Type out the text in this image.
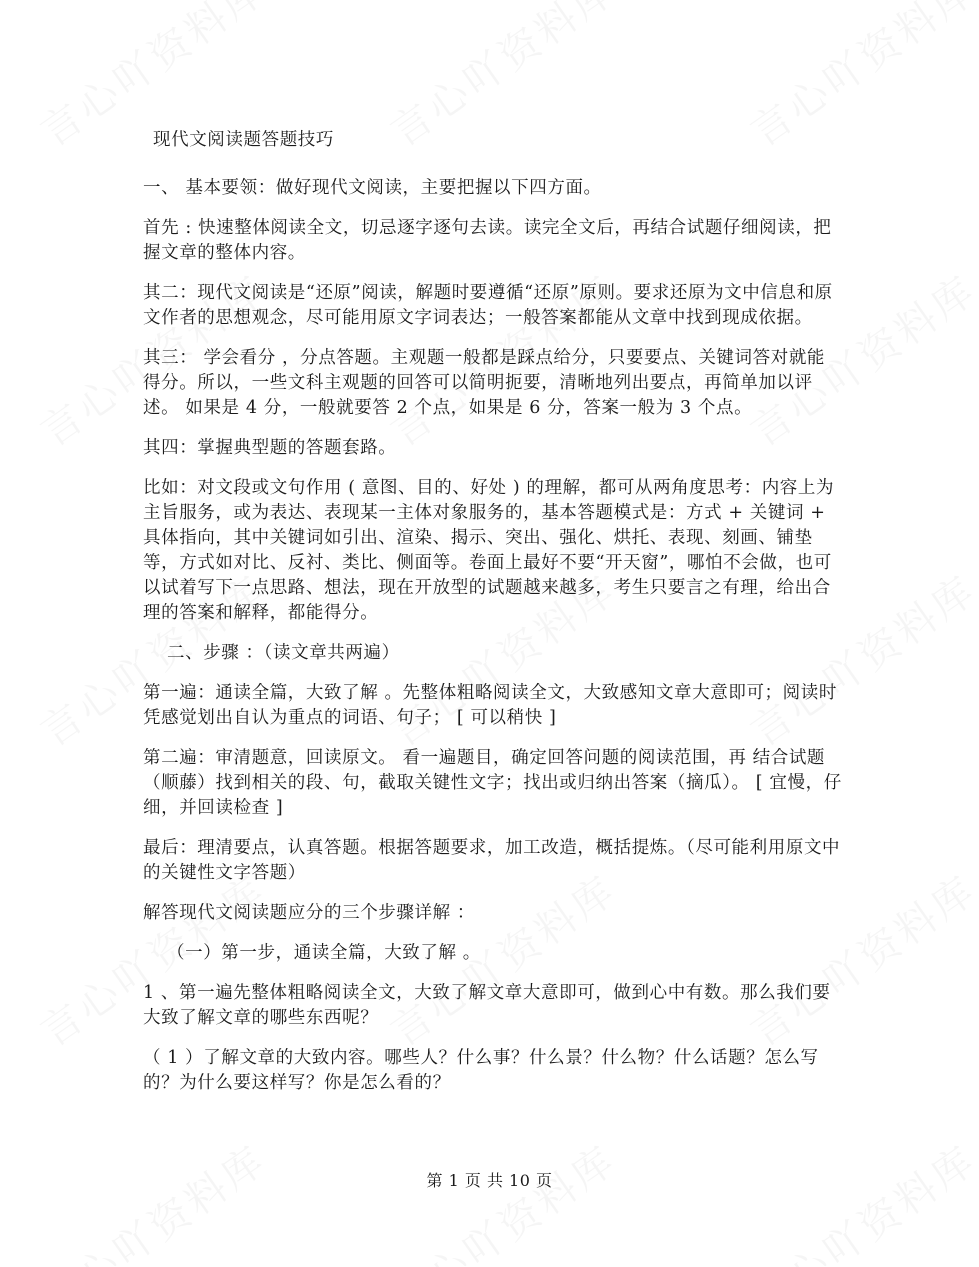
现代文阅读题答题技巧

一、 基本要领：做好现代文阅读，主要把握以下四方面。

首先 : 快速整体阅读全文，切忌逐字逐句去读。读完全文后，再结合试题仔细阅读，把握文章的整体内容。

其二：现代文阅读是“还原”阅读，解题时要遵循“还原”原则。要求还原为文中信息和原文作者的思想观念，尽可能用原文字词表达；一般答案都能从文章中找到现成依据。

其三： 学会看分 ，分点答题。主观题一般都是踩点给分，只要要点、关键词答对就能得分。所以，一些文科主观题的回答可以简明扼要，清晰地列出要点，再简单加以评述。 如果是 4 分，一般就要答 2 个点，如果是 6 分，答案一般为 3 个点。

其四：掌握典型题的答题套路。

比如：对文段或文句作用 ( 意图、目的、好处 ) 的理解，都可从两角度思考：内容上为主旨服务，或为表达、表现某一主体对象服务的，基本答题模式是：方式 + 关键词 + 具体指向，其中关键词如引出、渲染、揭示、突出、强化、烘托、表现、刻画、铺垫等，方式如对比、反衬、类比、侧面等。卷面上最好不要“开天窗”，哪怕不会做，也可以试着写下一点思路、想法，现在开放型的试题越来越多，考生只要言之有理，给出合理的答案和解释，都能得分。

二、步骤 ：（读文章共两遍）

第一遍：通读全篇，大致了解 。先整体粗略阅读全文，大致感知文章大意即可；阅读时凭感觉划出自认为重点的词语、句子； [ 可以稍快 ]

第二遍：审清题意，回读原文。 看一遍题目，确定回答问题的阅读范围，再 结合试题 （顺藤）找到相关的段、句，截取关键性文字；找出或归纳出答案（摘瓜）。 [ 宜慢，仔细，并回读检查 ]

最后：理清要点，认真答题。根据答题要求，加工改造，概括提炼。（尽可能利用原文中的关键性文字答题）

解答现代文阅读题应分的三个步骤详解 ：

（一）第一步，通读全篇，大致了解 。

1 、第一遍先整体粗略阅读全文，大致了解文章大意即可，做到心中有数。那么我们要大致了解文章的哪些东西呢？

（ 1 ）了解文章的大致内容。哪些人？什么事？什么景？什么物？什么话题？怎么写的？为什么要这样写？你是怎么看的？

第 1 页 共 10 页
